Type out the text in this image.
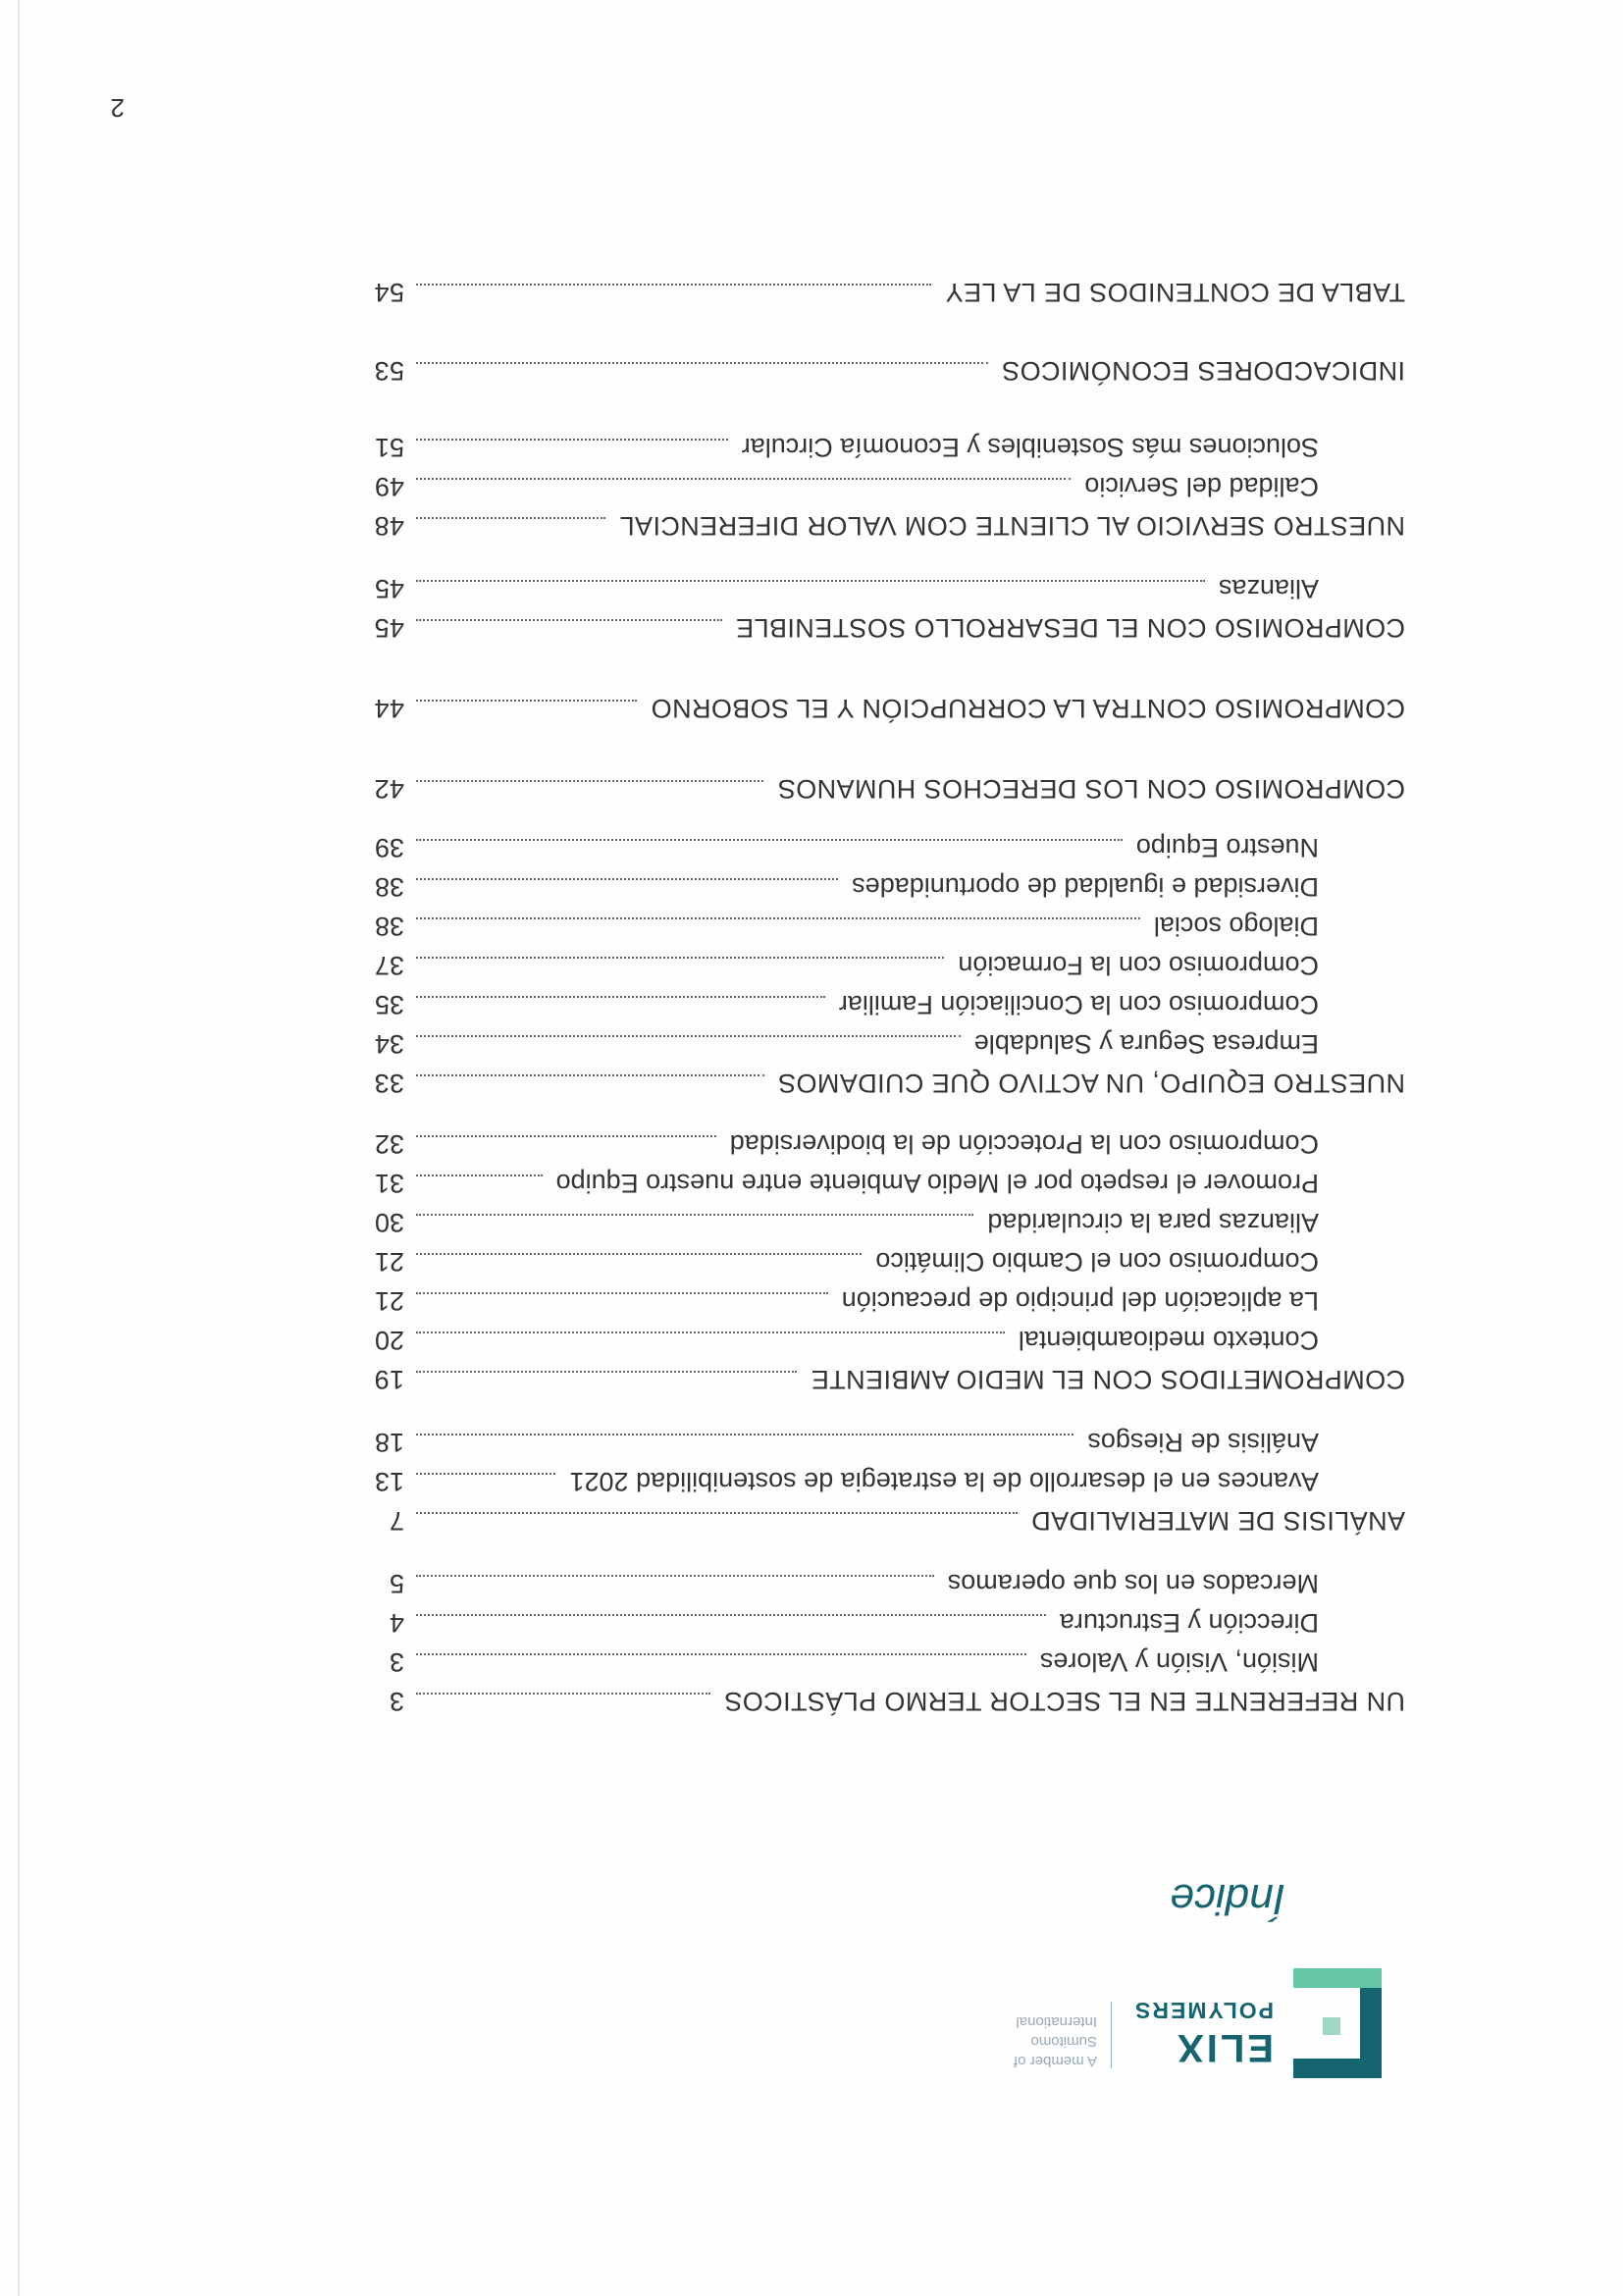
ELIX
POLYMERS
A member of
Sumitomo
International
Índice
UN REFERENTE EN EL SECTOR TERMO PLÁSTICOS
3
Misión, Visión y Valores
3
Dirección y Estructura
4
Mercados en los que operamos
5
ANÁLISIS DE MATERIALIDAD
7
Avances en el desarrollo de la estrategia de sostenibilidad 2021
13
Análisis de Riesgos
18
COMPROMETIDOS CON EL MEDIO AMBIENTE
19
Contexto medioambiental
20
La aplicación del principio de precaución
21
Compromiso con el Cambio Climático
21
Alianzas para la circularidad
30
Promover el respeto por el Medio Ambiente entre nuestro Equipo
31
Compromiso con la Protección de la biodiversidad
32
NUESTRO EQUIPO, UN ACTIVO QUE CUIDAMOS
33
Empresa Segura y Saludable
34
Compromiso con la Conciliación Familiar
35
Compromiso con la Formación
37
Dialogo social
38
Diversidad e igualdad de oportunidades
38
Nuestro Equipo
39
COMPROMISO CON LOS DERECHOS HUMANOS
42
COMPROMISO CONTRA LA CORRUPCIÓN Y EL SOBORNO
44
COMPROMISO CON EL DESARROLLO SOSTENIBLE
45
Alianzas
45
NUESTRO SERVICIO AL CLIENTE COM VALOR DIFERENCIAL
48
Calidad del Servicio
49
Soluciones más Sostenibles y Economía Circular
51
INDICACDORES ECONÓMICOS
53
TABLA DE CONTENIDOS DE LA LEY
54
2
